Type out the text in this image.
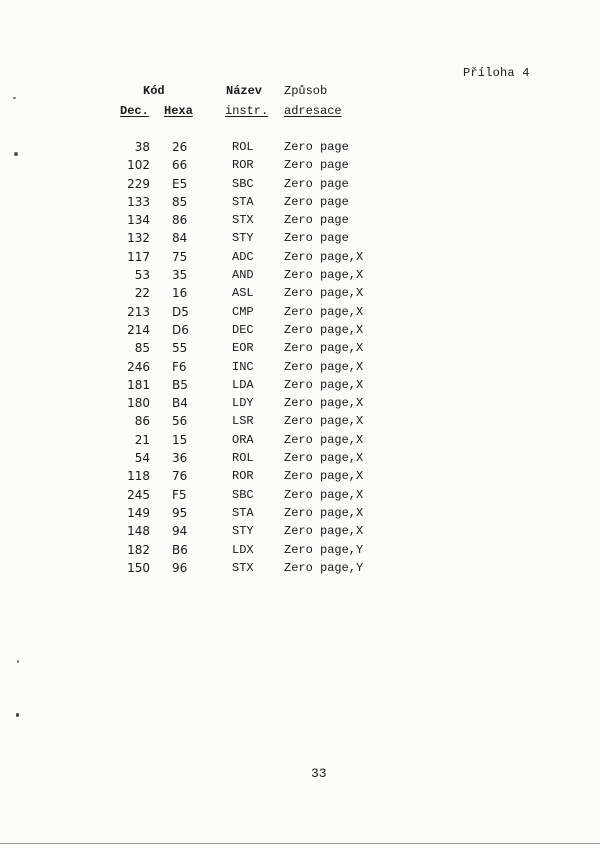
Příloha 4
Kód	Název Způsob
Dec. Hexa	instr. adresace
38 26	ROL	Zero page
102 66	ROR	Zero page
229 E5	SBC	Zero page
133 85	STA	Zero page
134 86	STX	Zero page
132 84	STY	Zero page
117 75	ADC	Zero page,X
53 35	AND	Zero page,X
22 16	ASL	Zero page,X
213 D5	CMP	Zero page,X
214 D6	DEC	Zero page,X
85 55	EOR	Zero page,X
246 F6	INC	Zero page,X
181 B5	LDA	Zero page,X
180 B4	LDY	Zero page,X
86 56	LSR	Zero page,X
21 15	ORA	Zero page,X
54 36	ROL	Zero page,X
118 76	ROR	Zero page,X
245 F5	SBC	Zero page,X
149 95	STA	Zero page,X
148 94	STY	Zero page,X
182 B6	LDX	Zero page,Y
150 96	STX	Zero page,Y
33
